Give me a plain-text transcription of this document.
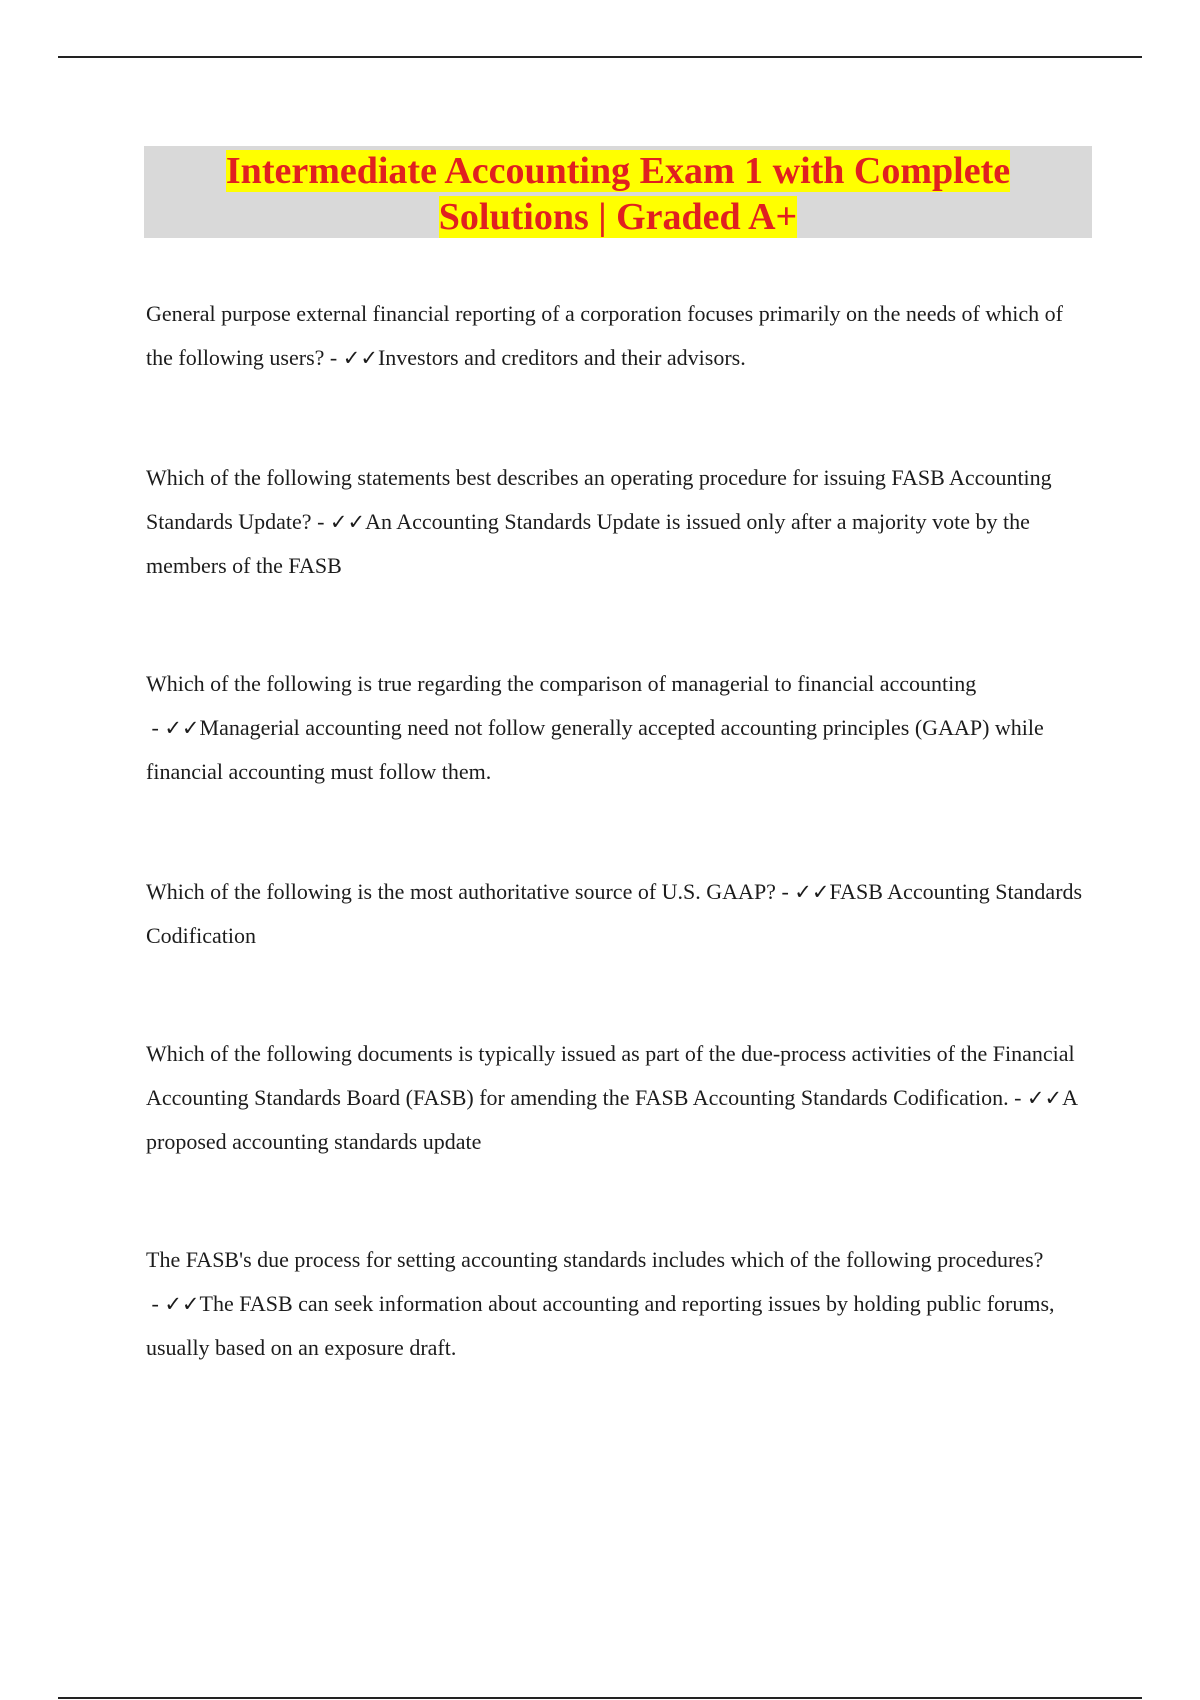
Intermediate Accounting Exam 1 with Complete
Solutions | Graded A+
General purpose external financial reporting of a corporation focuses primarily on the needs of which of the following users? - ✓✓Investors and creditors and their advisors.
Which of the following statements best describes an operating procedure for issuing FASB Accounting Standards Update? - ✓✓An Accounting Standards Update is issued only after a majority vote by the members of the FASB
Which of the following is true regarding the comparison of managerial to financial accounting - ✓✓Managerial accounting need not follow generally accepted accounting principles (GAAP) while financial accounting must follow them.
Which of the following is the most authoritative source of U.S. GAAP? - ✓✓FASB Accounting Standards Codification
Which of the following documents is typically issued as part of the due-process activities of the Financial Accounting Standards Board (FASB) for amending the FASB Accounting Standards Codification. - ✓✓A proposed accounting standards update
The FASB's due process for setting accounting standards includes which of the following procedures? - ✓✓The FASB can seek information about accounting and reporting issues by holding public forums, usually based on an exposure draft.
